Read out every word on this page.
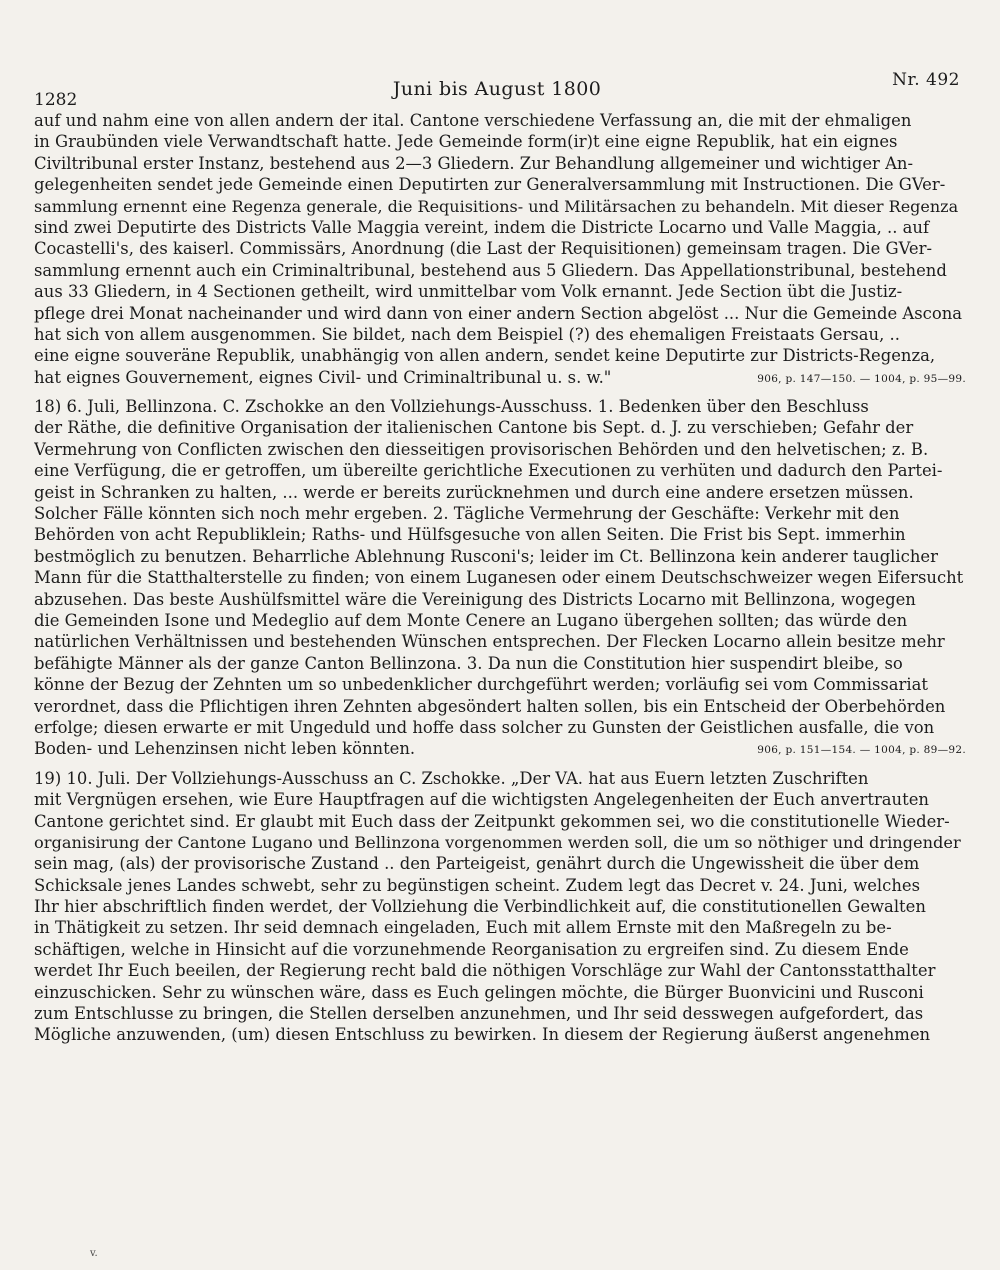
1282	Juni bis August 1800	Nr. 492
auf und nahm eine von allen andern der ital. Cantone verschiedene Verfassung an, die mit der ehmaligen
in Graubünden viele Verwandtschaft hatte. Jede Gemeinde form(ir)t eine eigne Republik, hat ein eignes
Civiltribunal erster Instanz, bestehend aus 2—3 Gliedern. Zur Behandlung allgemeiner und wichtiger An-
gelegenheiten sendet jede Gemeinde einen Deputirten zur Generalversammlung mit Instructionen. Die GVer-
sammlung ernennt eine Regenza generale, die Requisitions- und Militärsachen zu behandeln. Mit dieser Regenza
sind zwei Deputirte des Districts Valle Maggia vereint, indem die Districte Locarno und Valle Maggia, .. auf
Cocastelli's, des kaiserl. Commissärs, Anordnung (die Last der Requisitionen) gemeinsam tragen. Die GVer-
sammlung ernennt auch ein Criminaltribunal, bestehend aus 5 Gliedern. Das Appellationstribunal, bestehend
aus 33 Gliedern, in 4 Sectionen getheilt, wird unmittelbar vom Volk ernannt. Jede Section übt die Justiz-
pflege drei Monat nacheinander und wird dann von einer andern Section abgelöst ... Nur die Gemeinde Ascona
hat sich von allem ausgenommen. Sie bildet, nach dem Beispiel (?) des ehemaligen Freistaats Gersau, ..
eine eigne souveräne Republik, unabhängig von allen andern, sendet keine Deputirte zur Districts-Regenza,
906, p. 147—150. — 1004, p. 95—99.
hat eignes Gouvernement, eignes Civil- und Criminaltribunal u. s. w."
18) 6. Juli, Bellinzona. C. Zschokke an den Vollziehungs-Ausschuss. 1. Bedenken über den Beschluss
der Räthe, die definitive Organisation der italienischen Cantone bis Sept. d. J. zu verschieben; Gefahr der
Vermehrung von Conflicten zwischen den diesseitigen provisorischen Behörden und den helvetischen; z. B.
eine Verfügung, die er getroffen, um übereilte gerichtliche Executionen zu verhüten und dadurch den Partei-
geist in Schranken zu halten, ... werde er bereits zurücknehmen und durch eine andere ersetzen müssen.
Solcher Fälle könnten sich noch mehr ergeben. 2. Tägliche Vermehrung der Geschäfte: Verkehr mit den
Behörden von acht Republiklein; Raths- und Hülfsgesuche von allen Seiten. Die Frist bis Sept. immerhin
bestmöglich zu benutzen. Beharrliche Ablehnung Rusconi's; leider im Ct. Bellinzona kein anderer tauglicher
Mann für die Statthalterstelle zu finden; von einem Luganesen oder einem Deutschschweizer wegen Eifersucht
abzusehen. Das beste Aushülfsmittel wäre die Vereinigung des Districts Locarno mit Bellinzona, wogegen
die Gemeinden Isone und Medeglio auf dem Monte Cenere an Lugano übergehen sollten; das würde den
natürlichen Verhältnissen und bestehenden Wünschen entsprechen. Der Flecken Locarno allein besitze mehr
befähigte Männer als der ganze Canton Bellinzona. 3. Da nun die Constitution hier suspendirt bleibe, so
könne der Bezug der Zehnten um so unbedenklicher durchgeführt werden; vorläufig sei vom Commissariat
verordnet, dass die Pflichtigen ihren Zehnten abgesöndert halten sollen, bis ein Entscheid der Oberbehörden
erfolge; diesen erwarte er mit Ungeduld und hoffe dass solcher zu Gunsten der Geistlichen ausfalle, die von
906, p. 151—154. — 1004, p. 89—92.
Boden- und Lehenzinsen nicht leben könnten.
19) 10. Juli. Der Vollziehungs-Ausschuss an C. Zschokke. „Der VA. hat aus Euern letzten Zuschriften
mit Vergnügen ersehen, wie Eure Hauptfragen auf die wichtigsten Angelegenheiten der Euch anvertrauten
Cantone gerichtet sind. Er glaubt mit Euch dass der Zeitpunkt gekommen sei, wo die constitutionelle Wieder-
organisirung der Cantone Lugano und Bellinzona vorgenommen werden soll, die um so nöthiger und dringender
sein mag, (als) der provisorische Zustand .. den Parteigeist, genährt durch die Ungewissheit die über dem
Schicksale jenes Landes schwebt, sehr zu begünstigen scheint. Zudem legt das Decret v. 24. Juni, welches
Ihr hier abschriftlich finden werdet, der Vollziehung die Verbindlichkeit auf, die constitutionellen Gewalten
in Thätigkeit zu setzen. Ihr seid demnach eingeladen, Euch mit allem Ernste mit den Maßregeln zu be-
schäftigen, welche in Hinsicht auf die vorzunehmende Reorganisation zu ergreifen sind. Zu diesem Ende
werdet Ihr Euch beeilen, der Regierung recht bald die nöthigen Vorschläge zur Wahl der Cantonsstatthalter
einzuschicken. Sehr zu wünschen wäre, dass es Euch gelingen möchte, die Bürger Buonvicini und Rusconi
zum Entschlusse zu bringen, die Stellen derselben anzunehmen, und Ihr seid desswegen aufgefordert, das
Mögliche anzuwenden, (um) diesen Entschluss zu bewirken. In diesem der Regierung äußerst angenehmen
v.
